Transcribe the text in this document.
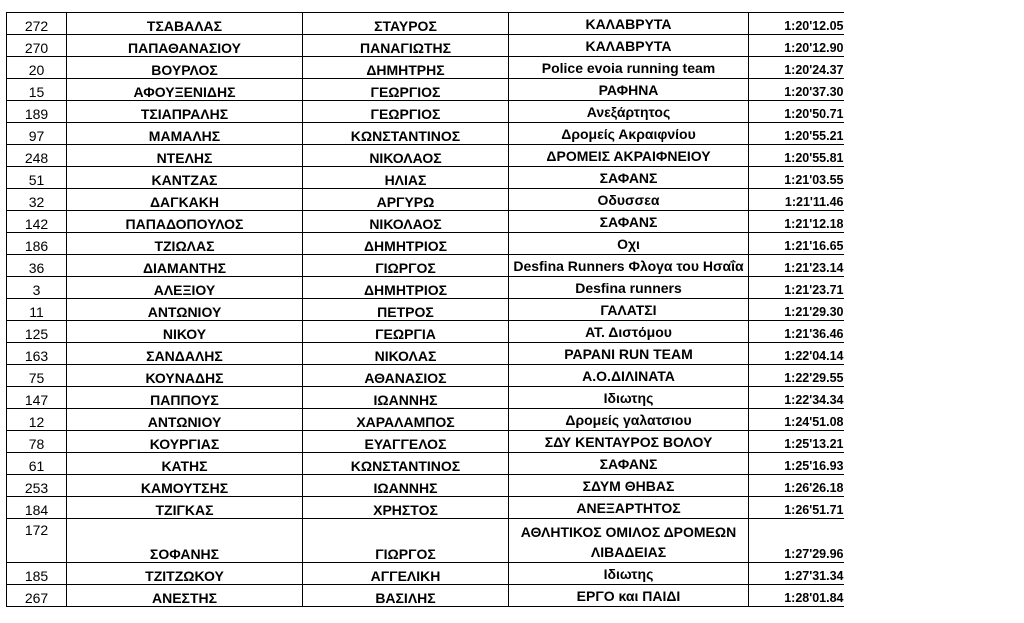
272	ΤΣΑΒΑΛΑΣ	ΣΤΑΥΡΟΣ	ΚΑΛΑΒΡΥΤΑ	1:20'12.05
270	ΠΑΠΑΘΑΝΑΣΙΟΥ	ΠΑΝΑΓΙΩΤΗΣ	ΚΑΛΑΒΡΥΤΑ	1:20'12.90
20	ΒΟΥΡΛΟΣ	ΔΗΜΗΤΡΗΣ	Police evoia running team	1:20'24.37
15	ΑΦΟΥΞΕΝΙΔΗΣ	ΓΕΩΡΓΙΟΣ	ΡΑΦΗΝΑ	1:20'37.30
189	ΤΣΙΑΠΡΑΛΗΣ	ΓΕΩΡΓΙΟΣ	Ανεξάρτητος	1:20'50.71
97	ΜΑΜΑΛΗΣ	ΚΩΝΣΤΑΝΤΙΝΟΣ	Δρομείς Ακραιφνίου	1:20'55.21
248	ΝΤΕΛΗΣ	ΝΙΚΟΛΑΟΣ	ΔΡΟΜΕΙΣ ΑΚΡΑΙΦΝΕΙΟΥ	1:20'55.81
51	ΚΑΝΤΖΑΣ	ΗΛΙΑΣ	ΣΑΦΑΝΣ	1:21'03.55
32	ΔΑΓΚΑΚΗ	ΑΡΓΥΡΩ	Οδυσσεα	1:21'11.46
142	ΠΑΠΑΔΟΠΟΥΛΟΣ	ΝΙΚΟΛΑΟΣ	ΣΑΦΑΝΣ	1:21'12.18
186	ΤΖΙΩΛΑΣ	ΔΗΜΗΤΡΙΟΣ	Οχι	1:21'16.65
36	ΔΙΑΜΑΝΤΗΣ	ΓΙΩΡΓΟΣ	Desfina Runners Φλογα του Ησαΐα	1:21'23.14
3	ΑΛΕΞΙΟΥ	ΔΗΜΗΤΡΙΟΣ	Desfina runners	1:21'23.71
11	ΑΝΤΩΝΙΟΥ	ΠΕΤΡΟΣ	ΓΑΛΑΤΣΙ	1:21'29.30
125	ΝΙΚΟΥ	ΓΕΩΡΓΙΑ	ΑΤ. Διστόμου	1:21'36.46
163	ΣΑΝΔΑΛΗΣ	ΝΙΚΟΛΑΣ	PAPANI RUN TEAM	1:22'04.14
75	ΚΟΥΝΑΔΗΣ	ΑΘΑΝΑΣΙΟΣ	Α.Ο.ΔΙΛΙΝΑΤΑ	1:22'29.55
147	ΠΑΠΠΟΥΣ	ΙΩΑΝΝΗΣ	Ιδιωτης	1:22'34.34
12	ΑΝΤΩΝΙΟΥ	ΧΑΡΑΛΑΜΠΟΣ	Δρομείς γαλατσιου	1:24'51.08
78	ΚΟΥΡΓΙΑΣ	ΕΥΑΓΓΕΛΟΣ	ΣΔΥ ΚΕΝΤΑΥΡΟΣ ΒΟΛΟΥ	1:25'13.21
61	ΚΑΤΗΣ	ΚΩΝΣΤΑΝΤΙΝΟΣ	ΣΑΦΑΝΣ	1:25'16.93
253	ΚΑΜΟΥΤΣΗΣ	ΙΩΑΝΝΗΣ	ΣΔΥΜ ΘΗΒΑΣ	1:26'26.18
184	ΤΖΙΓΚΑΣ	ΧΡΗΣΤΟΣ	ΑΝΕΞΑΡΤΗΤΟΣ	1:26'51.71
172	ΣΟΦΑΝΗΣ	ΓΙΩΡΓΟΣ	ΑΘΛΗΤΙΚΟΣ ΟΜΙΛΟΣ ΔΡΟΜΕΩΝ ΛΙΒΑΔΕΙΑΣ	1:27'29.96
185	ΤΖΙΤΖΩΚΟΥ	ΑΓΓΕΛΙΚΗ	Ιδιωτης	1:27'31.34
267	ΑΝΕΣΤΗΣ	ΒΑΣΙΛΗΣ	ΕΡΓΟ και ΠΑΙΔΙ	1:28'01.84
